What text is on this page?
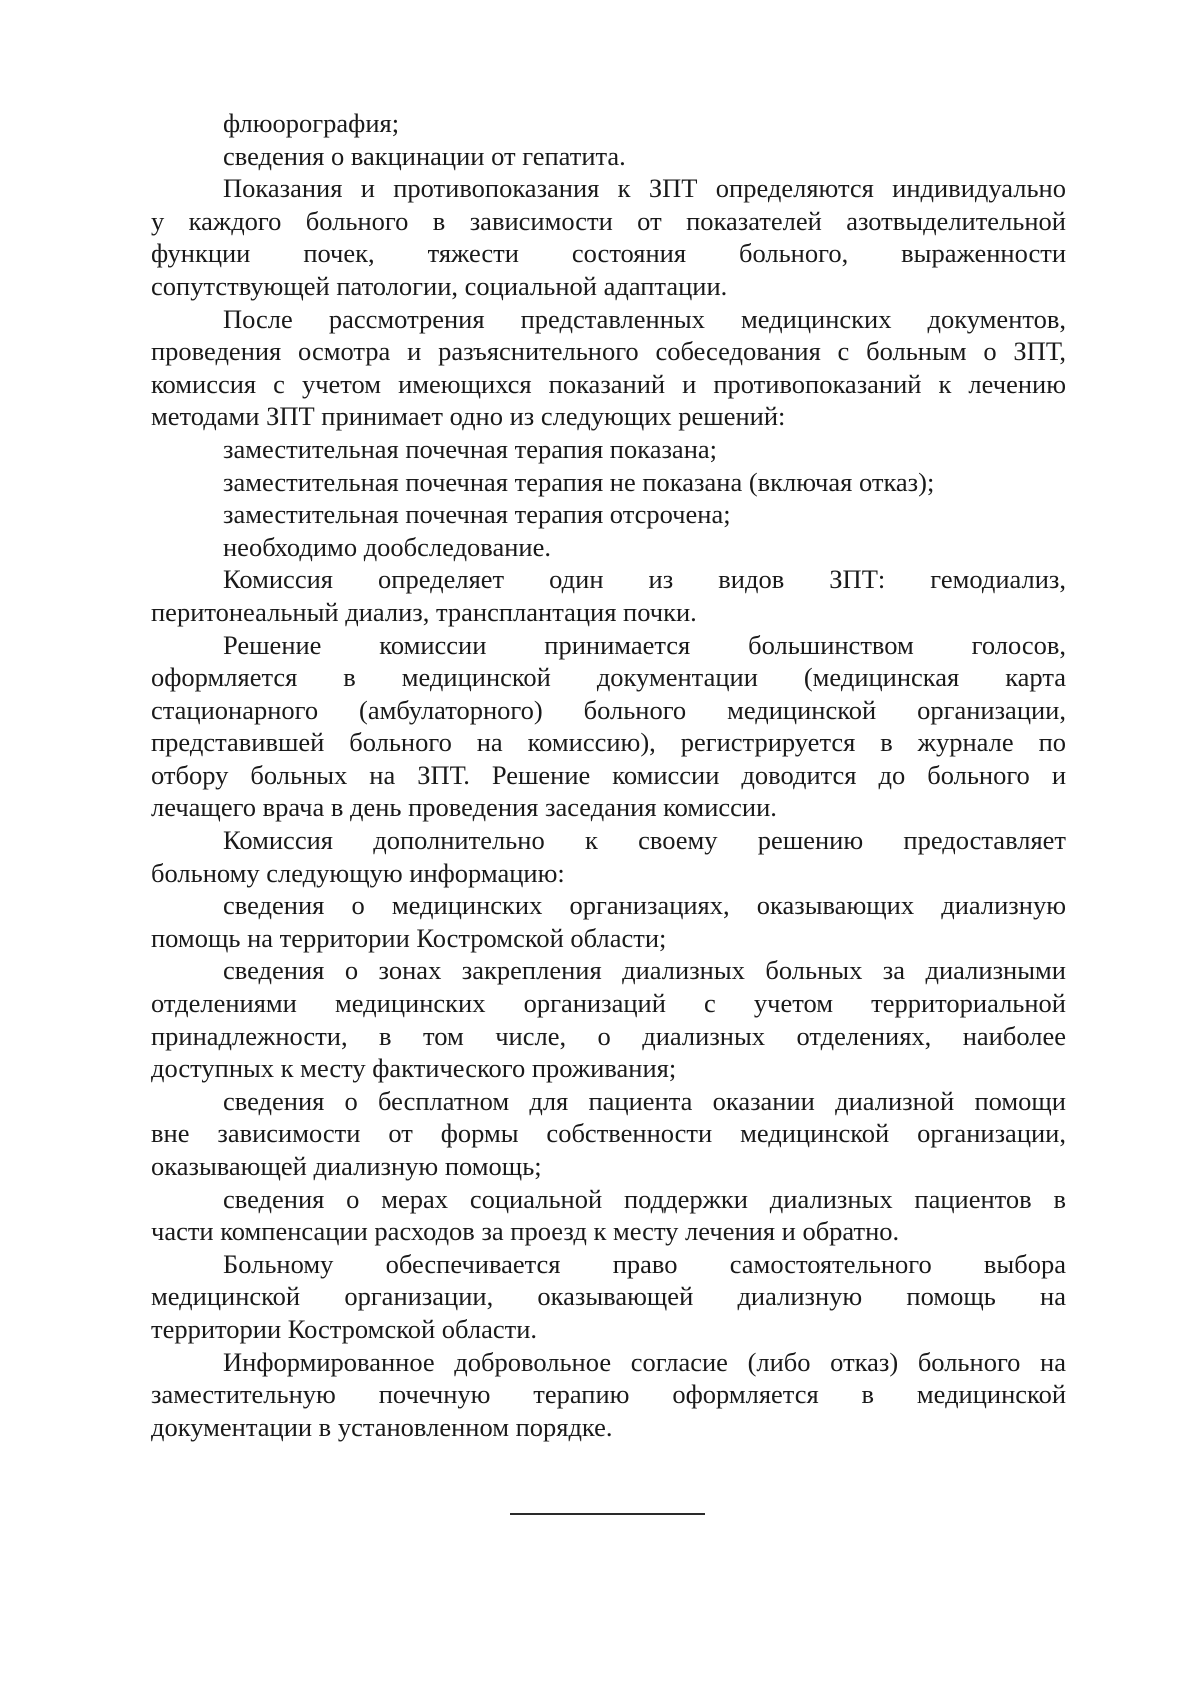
флюорография;
сведения о вакцинации от гепатита.
Показания и противопоказания к ЗПТ определяются индивидуально
у каждого больного в зависимости от показателей азотвыделительной
функции почек, тяжести состояния больного, выраженности
сопутствующей патологии, социальной адаптации.
После рассмотрения представленных медицинских документов,
проведения осмотра и разъяснительного собеседования с больным о ЗПТ,
комиссия с учетом имеющихся показаний и противопоказаний к лечению
методами ЗПТ принимает одно из следующих решений:
заместительная почечная терапия показана;
заместительная почечная терапия не показана (включая отказ);
заместительная почечная терапия отсрочена;
необходимо дообследование.
Комиссия определяет один из видов ЗПТ: гемодиализ,
перитонеальный диализ, трансплантация почки.
Решение комиссии принимается большинством голосов,
оформляется в медицинской документации (медицинская карта
стационарного (амбулаторного) больного медицинской организации,
представившей больного на комиссию), регистрируется в журнале по
отбору больных на ЗПТ. Решение комиссии доводится до больного и
лечащего врача в день проведения заседания комиссии.
Комиссия дополнительно к своему решению предоставляет
больному следующую информацию:
сведения о медицинских организациях, оказывающих диализную
помощь на территории Костромской области;
сведения о зонах закрепления диализных больных за диализными
отделениями медицинских организаций с учетом территориальной
принадлежности, в том числе, о диализных отделениях, наиболее
доступных к месту фактического проживания;
сведения о бесплатном для пациента оказании диализной помощи
вне зависимости от формы собственности медицинской организации,
оказывающей диализную помощь;
сведения о мерах социальной поддержки диализных пациентов в
части компенсации расходов за проезд к месту лечения и обратно.
Больному обеспечивается право самостоятельного выбора
медицинской организации, оказывающей диализную помощь на
территории Костромской области.
Информированное добровольное согласие (либо отказ) больного на
заместительную почечную терапию оформляется в медицинской
документации в установленном порядке.
